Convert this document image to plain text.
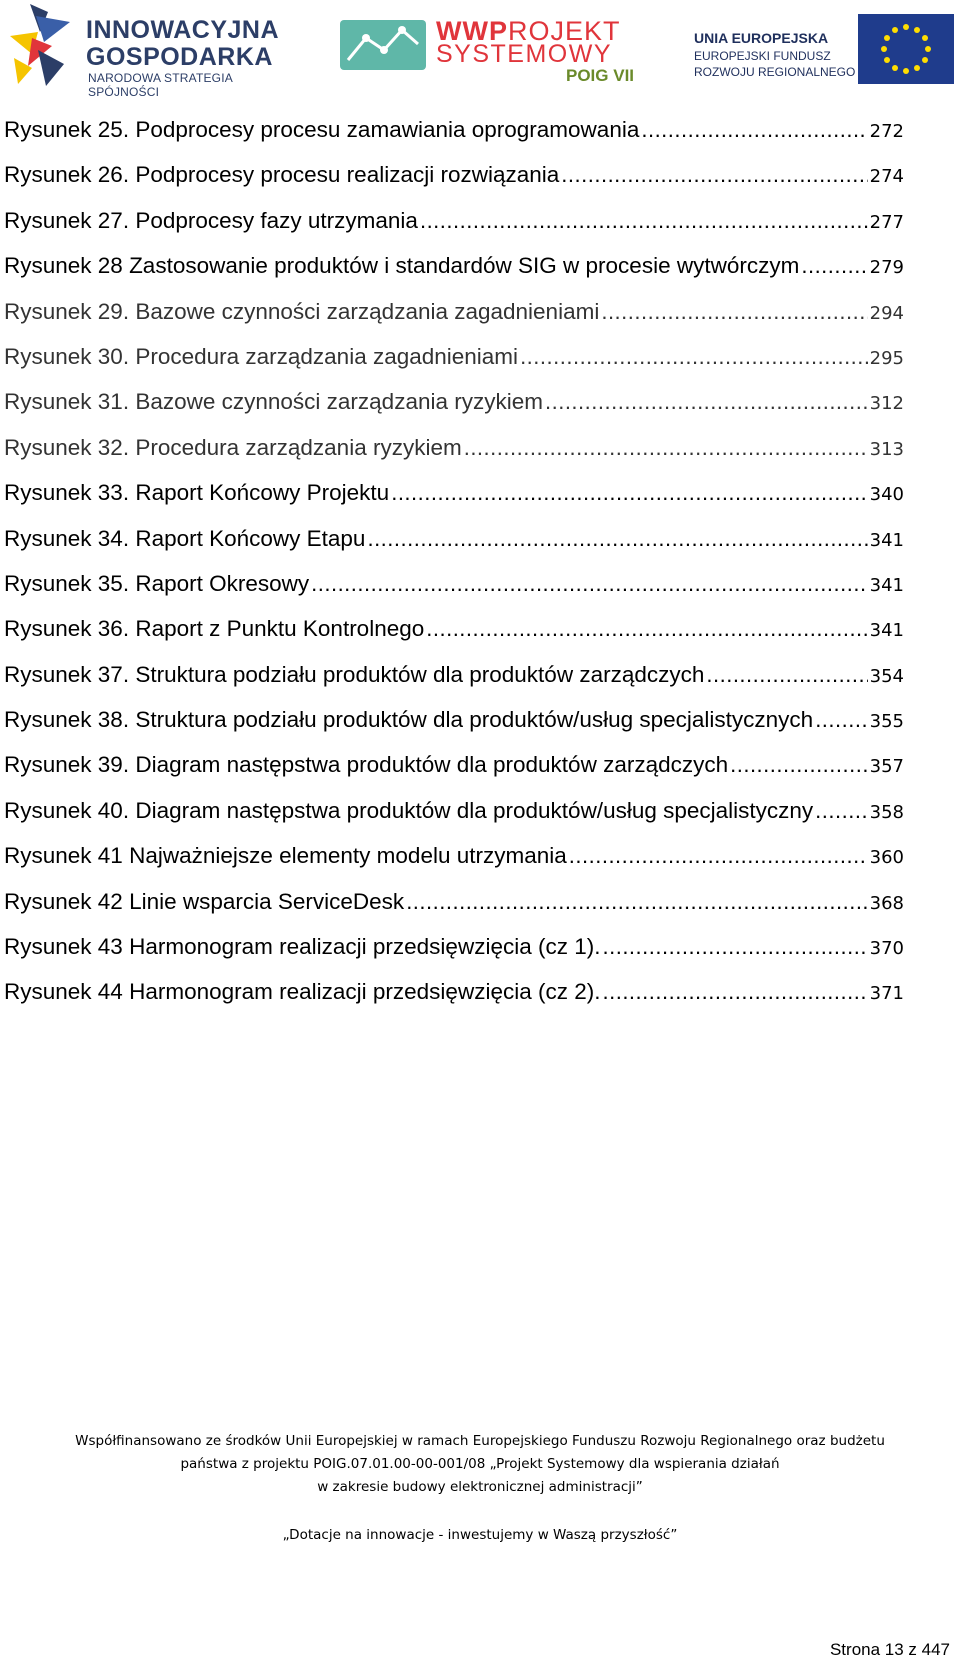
INNOWACYJNA
GOSPODARKA
NARODOWA STRATEGIA SPÓJNOŚCI
WWPROJEKT
SYSTEMOWY
POIG VII
UNIA EUROPEJSKA
EUROPEJSKI FUNDUSZ
ROZWOJU REGIONALNEGO
Rysunek 25. Podprocesy procesu zamawiania oprogramowania .....	272
Rysunek 26. Podprocesy procesu realizacji rozwiązania .....	274
Rysunek 27. Podprocesy fazy utrzymania .....	277
Rysunek 28 Zastosowanie produktów i standardów SIG w procesie wytwórczym .....	279
Rysunek 29. Bazowe czynności zarządzania zagadnieniami .....	294
Rysunek 30. Procedura zarządzania zagadnieniami .....	295
Rysunek 31. Bazowe czynności zarządzania ryzykiem .....	312
Rysunek 32. Procedura zarządzania ryzykiem .....	313
Rysunek 33. Raport Końcowy Projektu .....	340
Rysunek 34. Raport Końcowy Etapu .....	341
Rysunek 35. Raport Okresowy .....	341
Rysunek 36. Raport z Punktu Kontrolnego .....	341
Rysunek 37. Struktura podziału produktów dla produktów zarządczych .....	354
Rysunek 38. Struktura podziału produktów dla produktów/usług specjalistycznych .....	355
Rysunek 39. Diagram następstwa produktów dla produktów zarządczych .....	357
Rysunek 40. Diagram następstwa produktów dla produktów/usług specjalistyczny .....	358
Rysunek 41 Najważniejsze elementy modelu utrzymania .....	360
Rysunek 42 Linie wsparcia ServiceDesk .....	368
Rysunek 43 Harmonogram realizacji przedsięwzięcia (cz 1). .....	370
Rysunek 44 Harmonogram realizacji przedsięwzięcia (cz 2). .....	371
Współfinansowano ze środków Unii Europejskiej w ramach Europejskiego Funduszu Rozwoju Regionalnego oraz budżetu
państwa z projektu POIG.07.01.00-00-001/08 „Projekt Systemowy dla wspierania działań
w zakresie budowy elektronicznej administracji”
„Dotacje na innowacje - inwestujemy w Waszą przyszłość”
Strona 13 z 447
